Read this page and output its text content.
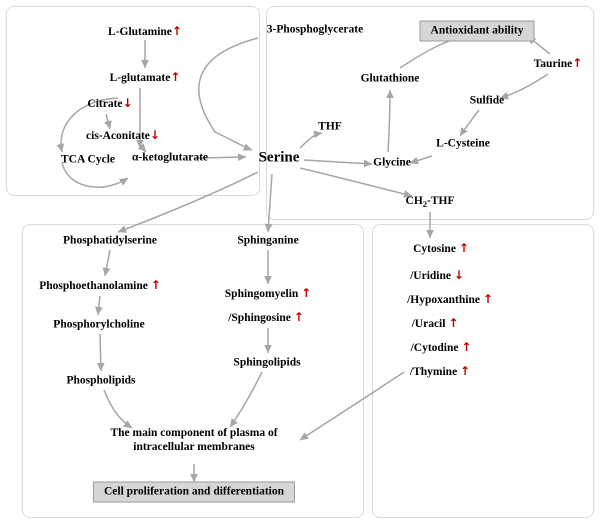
L-Glutamine↑
L-glutamate↑
Citrate↓
cis-Aconitate↓
TCA Cycle α-ketoglutarate
3-Phosphoglycerate
Serine
THF
Glycine
Glutathione
Antioxidant ability
Taurine↑
Sulfide
L-Cysteine
$CH_2$-THF
Phosphatidylserine
Phosphoethanolamine ↑
Phosphorylcholine
Phospholipids
Sphinganine
Sphingomyelin ↑
/Sphingosine ↑
Sphingolipids
The main component of plasma of intracellular membranes
Cell proliferation and differentiation
Cytosine ↑
/Uridine ↓
/Hypoxanthine ↑
/Uracil ↑
/Cytodine ↑
/Thymine ↑
